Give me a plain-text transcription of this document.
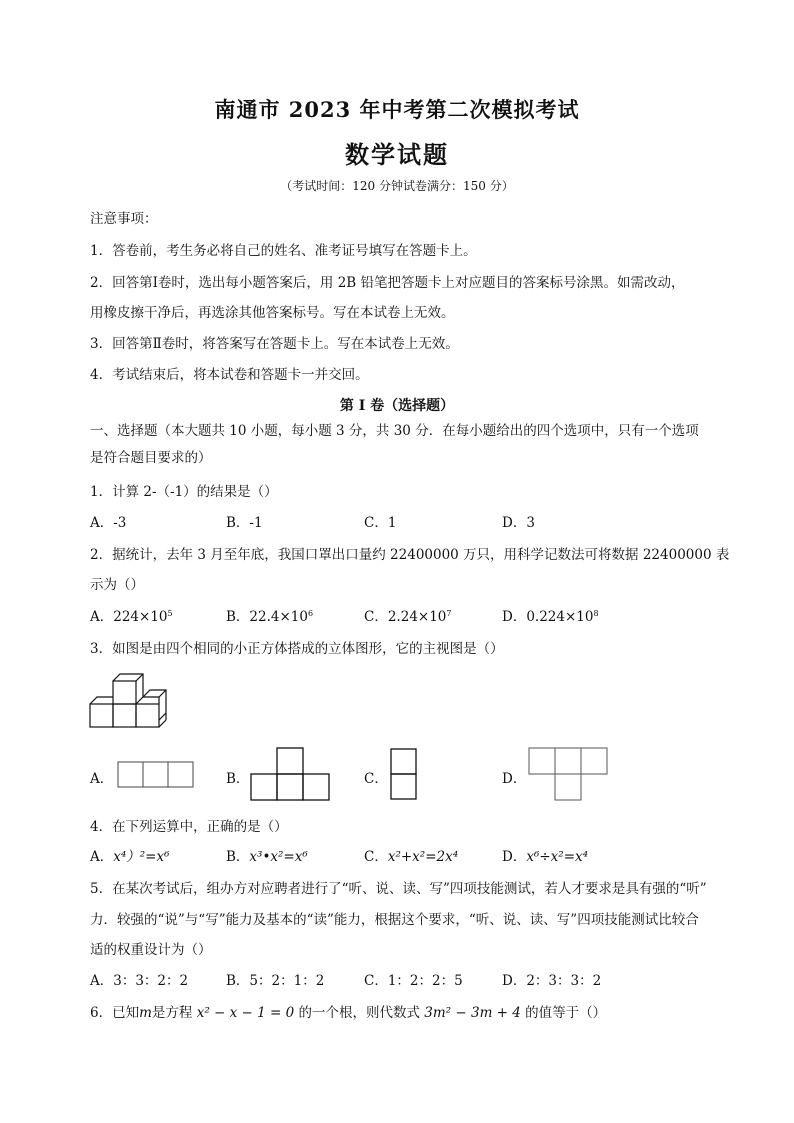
南通市 2023 年中考第二次模拟考试
数学试题
（考试时间：120 分钟试卷满分：150 分）
注意事项：
1．答卷前，考生务必将自己的姓名、准考证号填写在答题卡上。
2．回答第Ⅰ卷时，选出每小题答案后，用 2B 铅笔把答题卡上对应题目的答案标号涂黑。如需改动，
用橡皮擦干净后，再选涂其他答案标号。写在本试卷上无效。
3．回答第Ⅱ卷时，将答案写在答题卡上。写在本试卷上无效。
4．考试结束后，将本试卷和答题卡一并交回。
第 I 卷（选择题）
一、选择题（本大题共 10 小题，每小题 3 分，共 30 分．在每小题给出的四个选项中，只有一个选项
是符合题目要求的）
1．计算 2-（-1）的结果是（）
A．-3	B．-1	C．1	D．3
2．据统计，去年 3 月至年底，我国口罩出口量约 22400000 万只，用科学记数法可将数据 22400000 表
示为（）
A．$224\times 10^5$	B．$22.4\times 10^6$	C．$2.24\times 10^7$	D．$0.224\times 10^8$
3．如图是由四个相同的小正方体搭成的立体图形，它的主视图是（）
A．	B．	C．	D．
4．在下列运算中，正确的是（）
A．x⁴）²=x⁶	B．x³•x²=x⁶	C．x²+x²=2x⁴	D．x⁶÷x²=x⁴
5．在某次考试后，组办方对应聘者进行了“听、说、读、写”四项技能测试，若人才要求是具有强的“听”
力．较强的“说”与“写”能力及基本的“读”能力，根据这个要求，“听、说、读、写”四项技能测试比较合
适的权重设计为（）
A．3：3：2：2	B．5：2：1：2	C．1：2：2：5	D．2：3：3：2
6．已知m是方程 x² − x − 1 = 0 的一个根，则代数式 3m² − 3m + 4 的值等于（）
